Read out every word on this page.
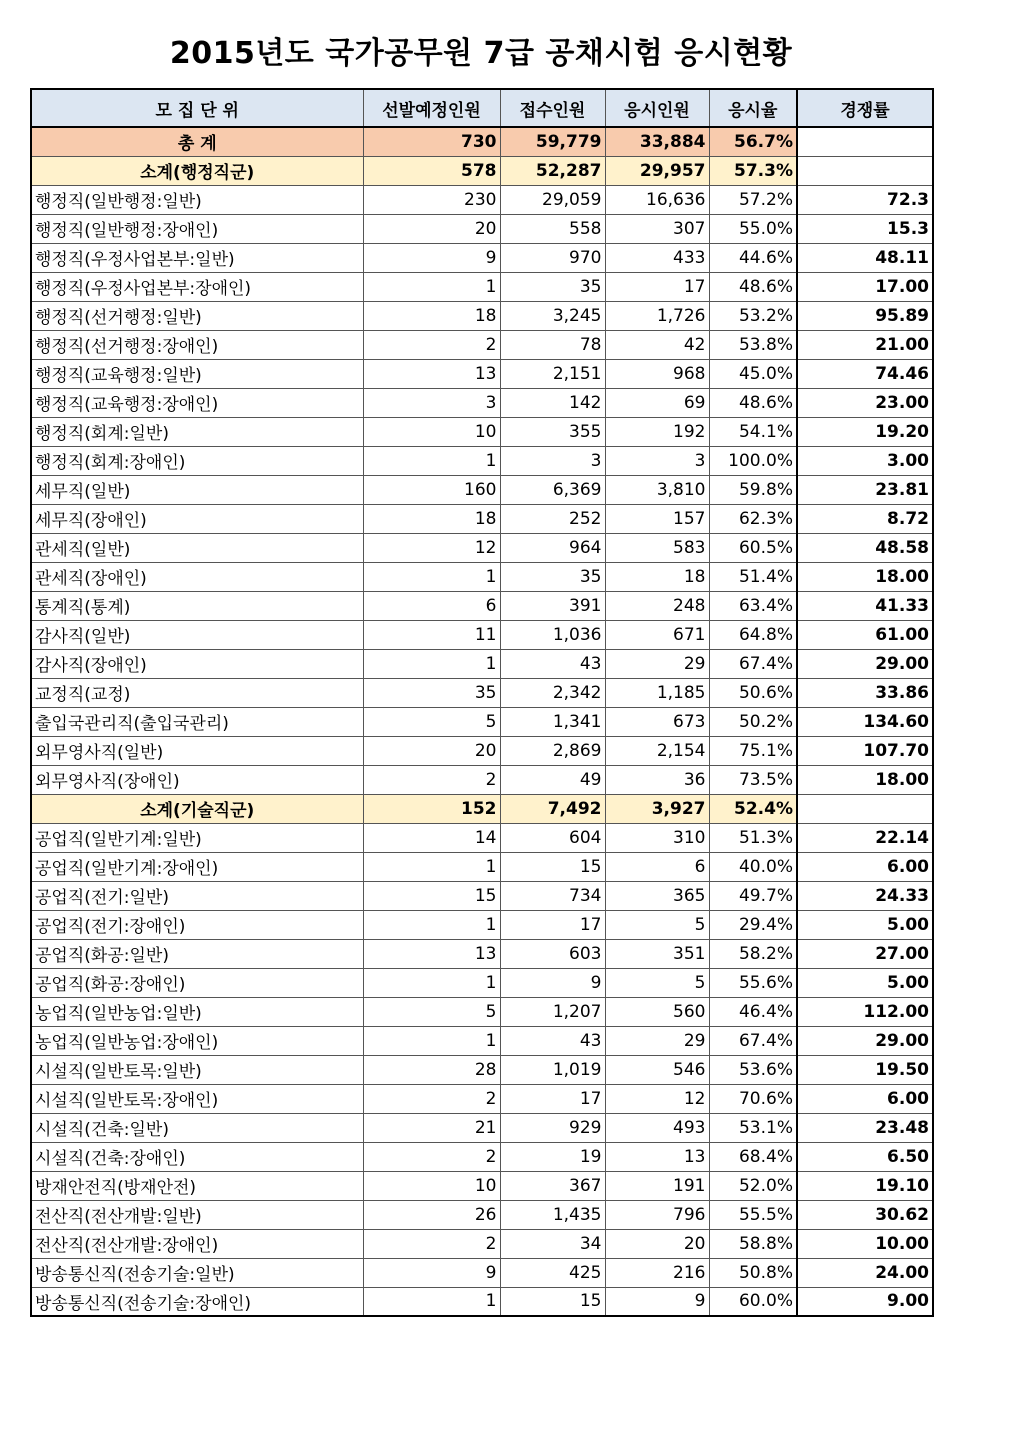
2015년도 국가공무원 7급 공채시험 응시현황
모 집 단 위	선발예정인원	접수인원	응시인원	응시율	경쟁률
총 계	730	59,779	33,884	56.7%	
소계(행정직군)	578	52,287	29,957	57.3%	
행정직(일반행정:일반)	230	29,059	16,636	57.2%	72.3
행정직(일반행정:장애인)	20	558	307	55.0%	15.3
행정직(우정사업본부:일반)	9	970	433	44.6%	48.11
행정직(우정사업본부:장애인)	1	35	17	48.6%	17.00
행정직(선거행정:일반)	18	3,245	1,726	53.2%	95.89
행정직(선거행정:장애인)	2	78	42	53.8%	21.00
행정직(교육행정:일반)	13	2,151	968	45.0%	74.46
행정직(교육행정:장애인)	3	142	69	48.6%	23.00
행정직(회계:일반)	10	355	192	54.1%	19.20
행정직(회계:장애인)	1	3	3	100.0%	3.00
세무직(일반)	160	6,369	3,810	59.8%	23.81
세무직(장애인)	18	252	157	62.3%	8.72
관세직(일반)	12	964	583	60.5%	48.58
관세직(장애인)	1	35	18	51.4%	18.00
통계직(통계)	6	391	248	63.4%	41.33
감사직(일반)	11	1,036	671	64.8%	61.00
감사직(장애인)	1	43	29	67.4%	29.00
교정직(교정)	35	2,342	1,185	50.6%	33.86
출입국관리직(출입국관리)	5	1,341	673	50.2%	134.60
외무영사직(일반)	20	2,869	2,154	75.1%	107.70
외무영사직(장애인)	2	49	36	73.5%	18.00
소계(기술직군)	152	7,492	3,927	52.4%	
공업직(일반기계:일반)	14	604	310	51.3%	22.14
공업직(일반기계:장애인)	1	15	6	40.0%	6.00
공업직(전기:일반)	15	734	365	49.7%	24.33
공업직(전기:장애인)	1	17	5	29.4%	5.00
공업직(화공:일반)	13	603	351	58.2%	27.00
공업직(화공:장애인)	1	9	5	55.6%	5.00
농업직(일반농업:일반)	5	1,207	560	46.4%	112.00
농업직(일반농업:장애인)	1	43	29	67.4%	29.00
시설직(일반토목:일반)	28	1,019	546	53.6%	19.50
시설직(일반토목:장애인)	2	17	12	70.6%	6.00
시설직(건축:일반)	21	929	493	53.1%	23.48
시설직(건축:장애인)	2	19	13	68.4%	6.50
방재안전직(방재안전)	10	367	191	52.0%	19.10
전산직(전산개발:일반)	26	1,435	796	55.5%	30.62
전산직(전산개발:장애인)	2	34	20	58.8%	10.00
방송통신직(전송기술:일반)	9	425	216	50.8%	24.00
방송통신직(전송기술:장애인)	1	15	9	60.0%	9.00
